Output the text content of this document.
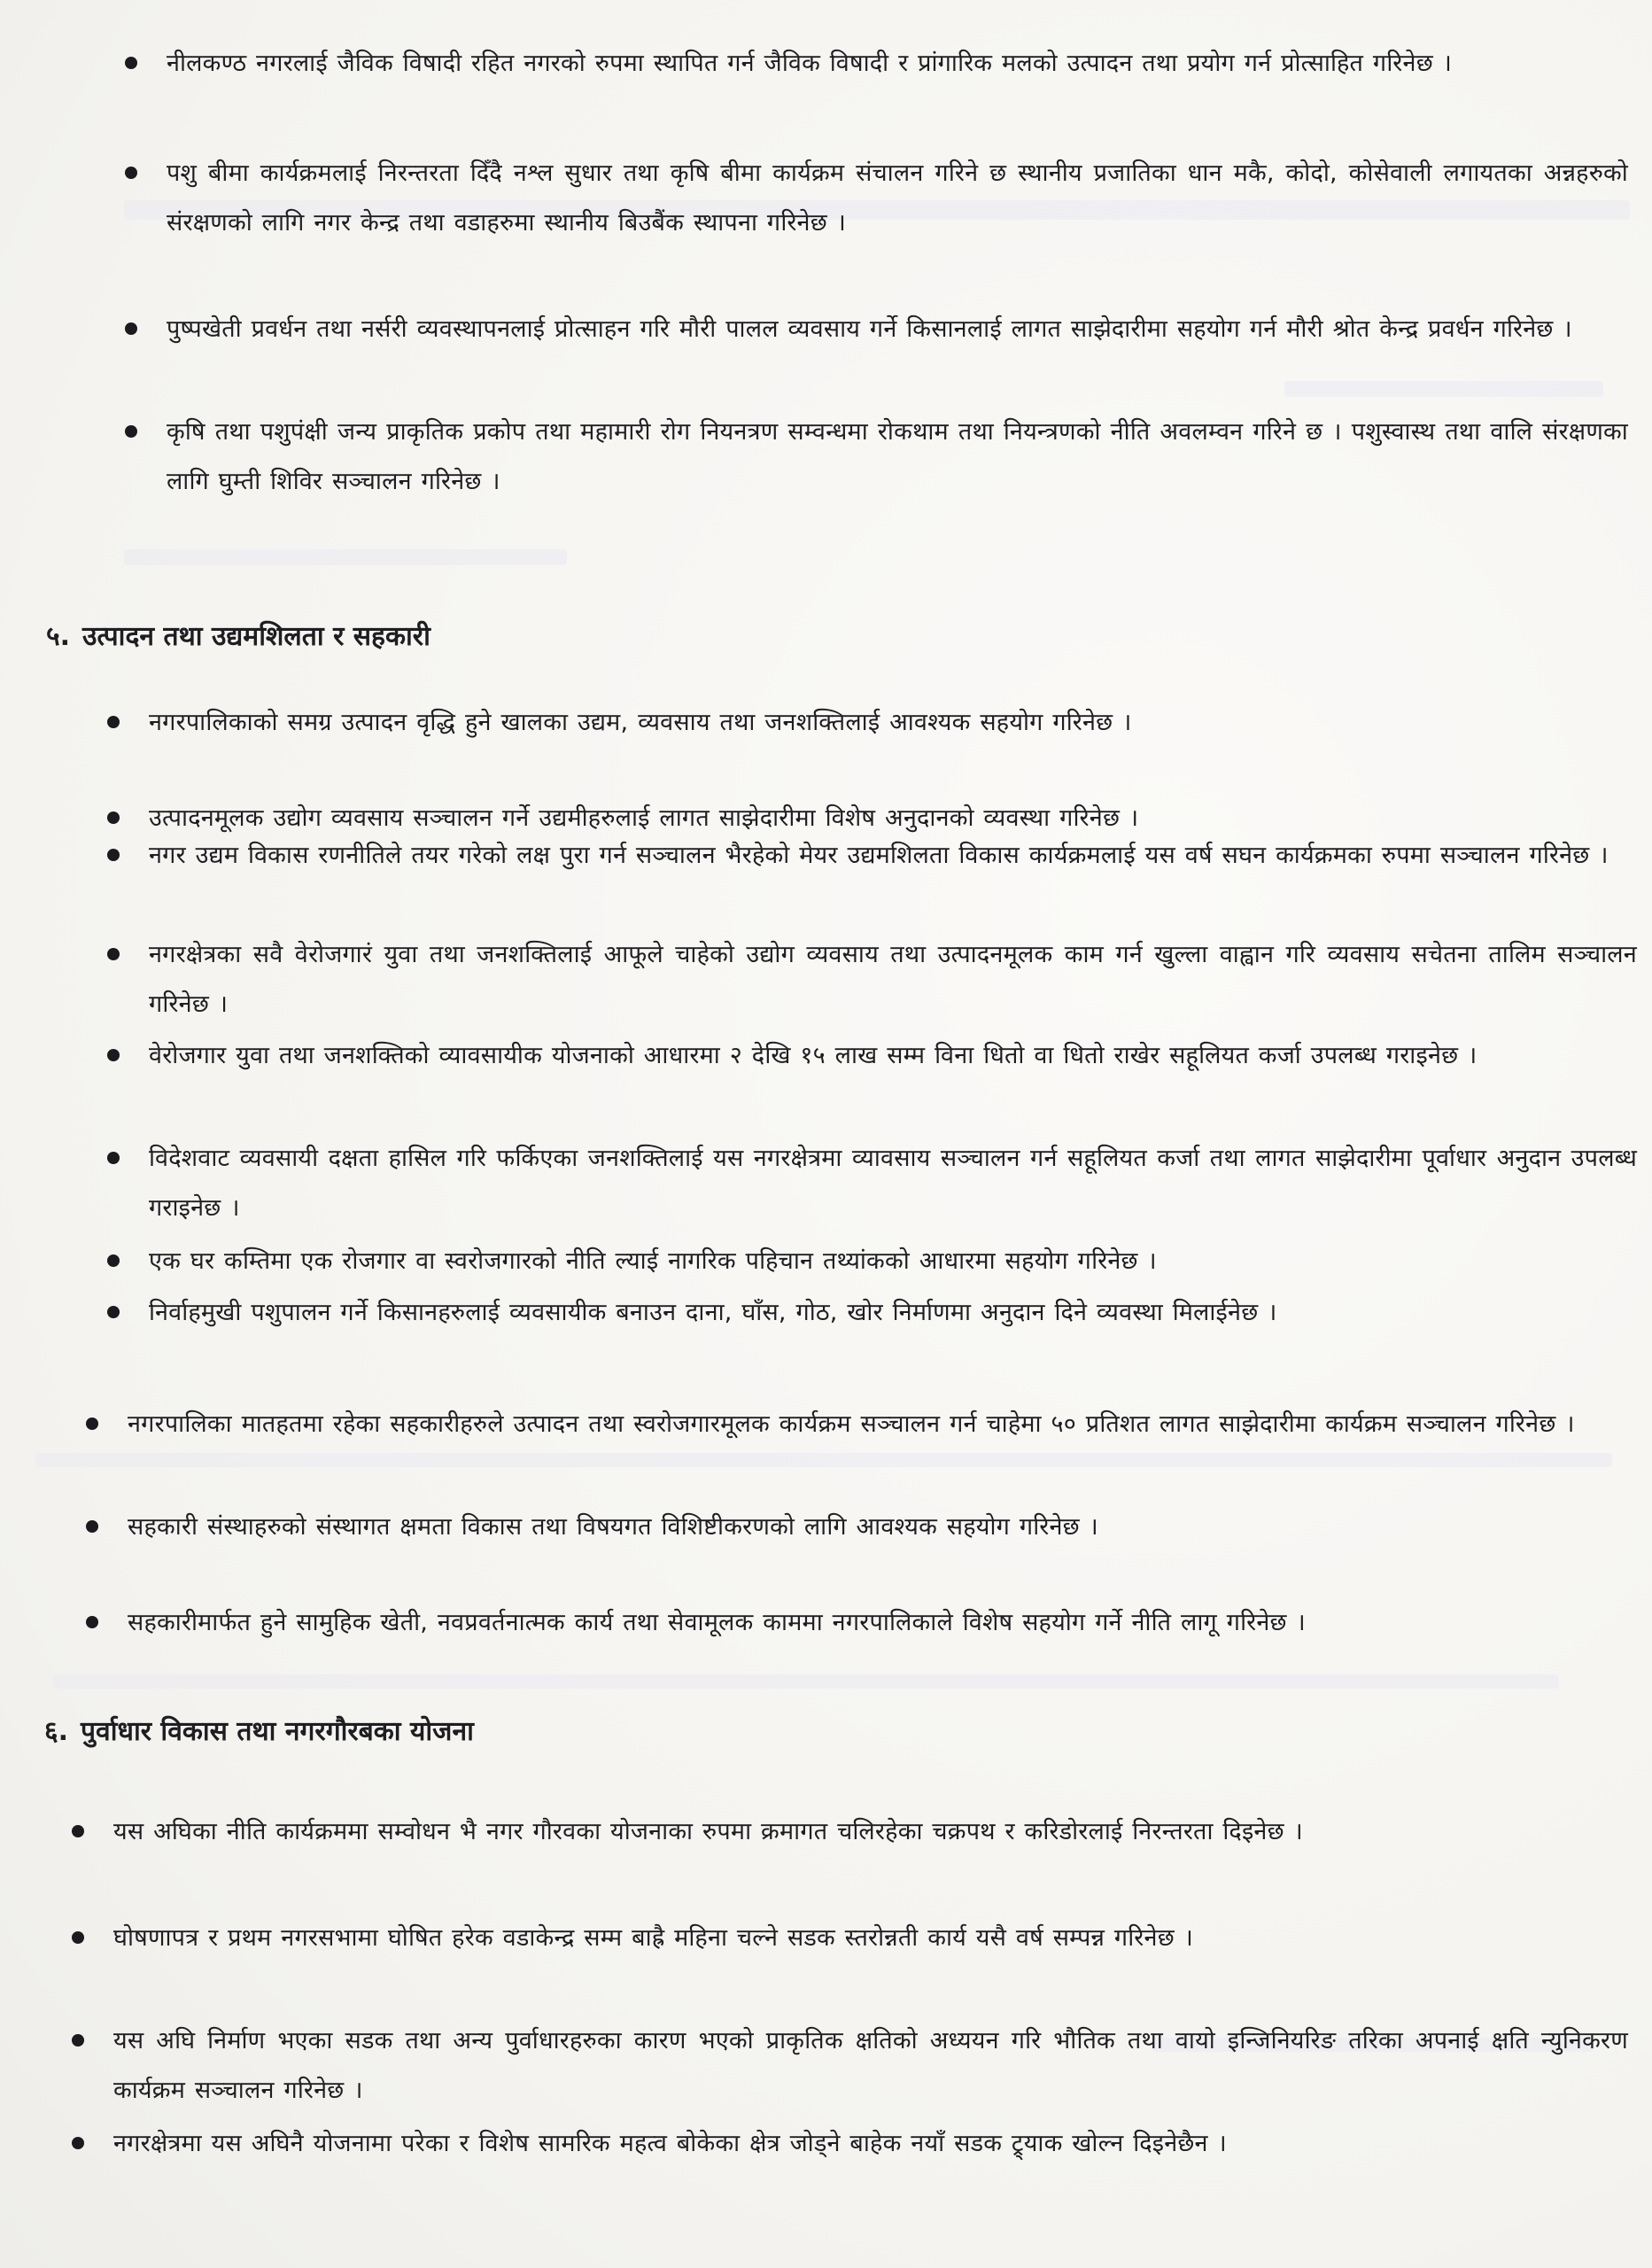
नीलकण्ठ नगरलाई जैविक विषादी रहित नगरको रुपमा स्थापित गर्न जैविक विषादी र प्रांगारिक मलको उत्पादन तथा प्रयोग गर्न प्रोत्साहित गरिनेछ ।
पशु बीमा कार्यक्रमलाई निरन्तरता दिँदै नश्ल सुधार तथा कृषि बीमा कार्यक्रम संचालन गरिने छ स्थानीय प्रजातिका धान मकै, कोदो, कोसेवाली लगायतका अन्नहरुको संरक्षणको लागि नगर केन्द्र तथा वडाहरुमा स्थानीय बिउबैंक स्थापना गरिनेछ ।
पुष्पखेती प्रवर्धन तथा नर्सरी व्यवस्थापनलाई प्रोत्साहन गरि मौरी पालल व्यवसाय गर्ने किसानलाई लागत साझेदारीमा सहयोग गर्न मौरी श्रोत केन्द्र प्रवर्धन गरिनेछ ।
कृषि तथा पशुपंक्षी जन्य प्राकृतिक प्रकोप तथा महामारी रोग नियनत्रण सम्वन्धमा रोकथाम तथा नियन्त्रणको नीति अवलम्वन गरिने छ । पशुस्वास्थ तथा वालि संरक्षणका लागि घुम्ती शिविर सञ्चालन गरिनेछ ।
५. उत्पादन तथा उद्यमशिलता र सहकारी
नगरपालिकाको समग्र उत्पादन वृद्धि हुने खालका उद्यम, व्यवसाय तथा जनशक्तिलाई आवश्यक सहयोग गरिनेछ ।
उत्पादनमूलक उद्योग व्यवसाय सञ्चालन गर्ने उद्यमीहरुलाई लागत साझेदारीमा विशेष अनुदानको व्यवस्था गरिनेछ ।
नगर उद्यम विकास रणनीतिले तयर गरेको लक्ष पुरा गर्न सञ्चालन भैरहेको मेयर उद्यमशिलता विकास कार्यक्रमलाई यस वर्ष सघन कार्यक्रमका रुपमा सञ्चालन गरिनेछ ।
नगरक्षेत्रका सवै वेरोजगारं युवा तथा जनशक्तिलाई आफूले चाहेको उद्योग व्यवसाय तथा उत्पादनमूलक काम गर्न खुल्ला वाह्वान गरि व्यवसाय सचेतना तालिम सञ्चालन गरिनेछ ।
वेरोजगार युवा तथा जनशक्तिको व्यावसायीक योजनाको आधारमा २ देखि १५ लाख सम्म विना धितो वा धितो राखेर सहूलियत कर्जा उपलब्ध गराइनेछ ।
विदेशवाट व्यवसायी दक्षता हासिल गरि फर्किएका जनशक्तिलाई यस नगरक्षेत्रमा व्यावसाय सञ्चालन गर्न सहूलियत कर्जा तथा लागत साझेदारीमा पूर्वाधार अनुदान उपलब्ध गराइनेछ ।
एक घर कम्तिमा एक रोजगार वा स्वरोजगारको नीति ल्याई नागरिक पहिचान तथ्यांकको आधारमा सहयोग गरिनेछ ।
निर्वाहमुखी पशुपालन गर्ने किसानहरुलाई व्यवसायीक बनाउन दाना, घाँस, गोठ, खोर निर्माणमा अनुदान दिने व्यवस्था मिलाईनेछ ।
नगरपालिका मातहतमा रहेका सहकारीहरुले उत्पादन तथा स्वरोजगारमूलक कार्यक्रम सञ्चालन गर्न चाहेमा ५० प्रतिशत लागत साझेदारीमा कार्यक्रम सञ्चालन गरिनेछ ।
सहकारी संस्थाहरुको संस्थागत क्षमता विकास तथा विषयगत विशिष्टीकरणको लागि आवश्यक सहयोग गरिनेछ ।
सहकारीमार्फत हुने सामुहिक खेती, नवप्रवर्तनात्मक कार्य तथा सेवामूलक काममा नगरपालिकाले विशेष सहयोग गर्ने नीति लागू गरिनेछ ।
६. पुर्वाधार विकास तथा नगरगौरबका योजना
यस अघिका नीति कार्यक्रममा सम्वोधन भै नगर गौरवका योजनाका रुपमा क्रमागत चलिरहेका चक्रपथ र करिडोरलाई निरन्तरता दिइनेछ ।
घोषणापत्र र प्रथम नगरसभामा घोषित हरेक वडाकेन्द्र सम्म बाह्रै महिना चल्ने सडक स्तरोन्नती कार्य यसै वर्ष सम्पन्न गरिनेछ ।
यस अघि निर्माण भएका सडक तथा अन्य पुर्वाधारहरुका कारण भएको प्राकृतिक क्षतिको अध्ययन गरि भौतिक तथा वायो इन्जिनियरिङ तरिका अपनाई क्षति न्युनिकरण कार्यक्रम सञ्चालन गरिनेछ ।
नगरक्षेत्रमा यस अघिनै योजनामा परेका र विशेष सामरिक महत्व बोकेका क्षेत्र जोड्ने बाहेक नयाँ सडक ट्र्याक खोल्न दिइनेछैन ।
